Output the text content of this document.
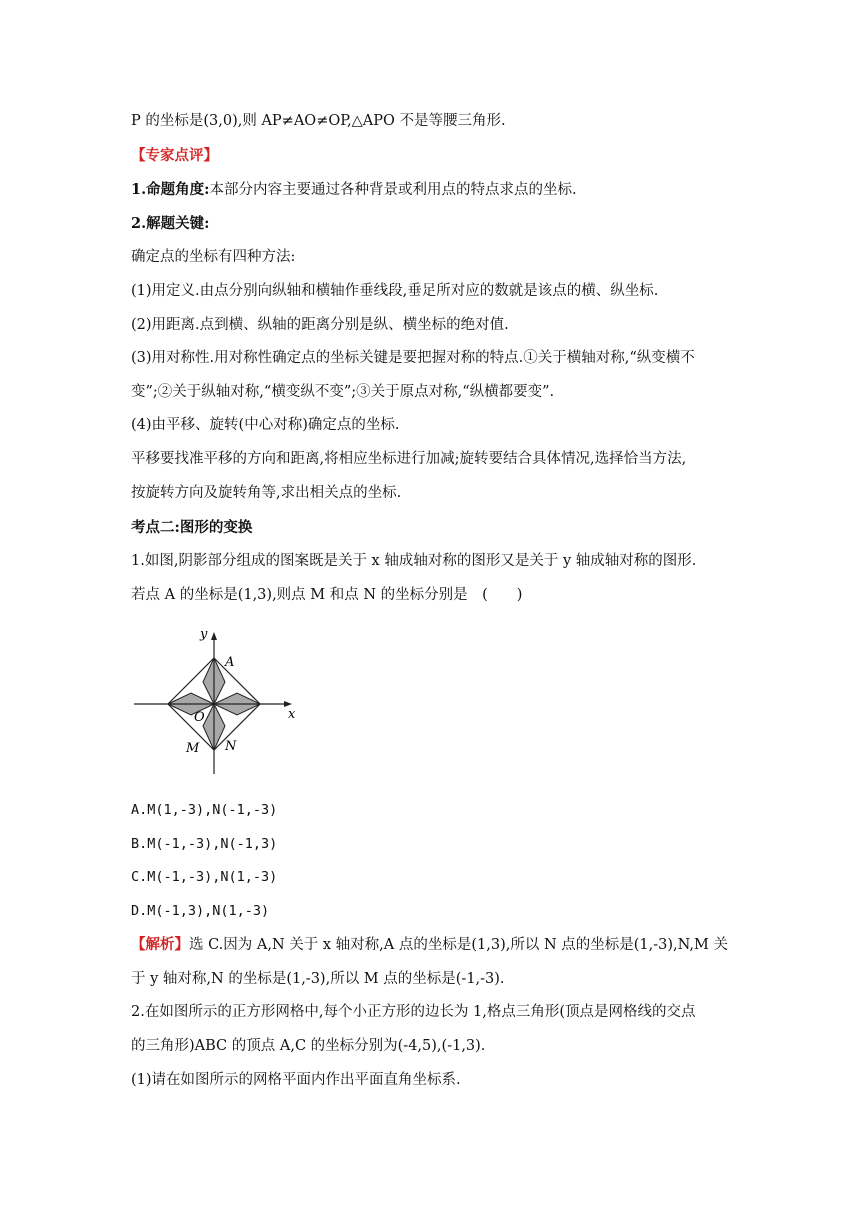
P 的坐标是(3,0),则 AP≠AO≠OP,△APO 不是等腰三角形.
【专家点评】
1.命题角度:本部分内容主要通过各种背景或利用点的特点求点的坐标.
2.解题关键:
确定点的坐标有四种方法:
(1)用定义.由点分别向纵轴和横轴作垂线段,垂足所对应的数就是该点的横、纵坐标.
(2)用距离.点到横、纵轴的距离分别是纵、横坐标的绝对值.
(3)用对称性.用对称性确定点的坐标关键是要把握对称的特点.①关于横轴对称,“纵变横不
变”;②关于纵轴对称,“横变纵不变”;③关于原点对称,“纵横都要变”.
(4)由平移、旋转(中心对称)确定点的坐标.
平移要找准平移的方向和距离,将相应坐标进行加减;旋转要结合具体情况,选择恰当方法,
按旋转方向及旋转角等,求出相关点的坐标.
考点二:图形的变换
1.如图,阴影部分组成的图案既是关于 x 轴成轴对称的图形又是关于 y 轴成轴对称的图形.
若点 A 的坐标是(1,3),则点 M 和点 N 的坐标分别是　(　　)
y
x
O
A
M N
A.M(1,-3),N(-1,-3)
B.M(-1,-3),N(-1,3)
C.M(-1,-3),N(1,-3)
D.M(-1,3),N(1,-3)
【解析】选 C.因为 A,N 关于 x 轴对称,A 点的坐标是(1,3),所以 N 点的坐标是(1,-3),N,M 关
于 y 轴对称,N 的坐标是(1,-3),所以 M 点的坐标是(-1,-3).
2.在如图所示的正方形网格中,每个小正方形的边长为 1,格点三角形(顶点是网格线的交点
的三角形)ABC 的顶点 A,C 的坐标分别为(-4,5),(-1,3).
(1)请在如图所示的网格平面内作出平面直角坐标系.
